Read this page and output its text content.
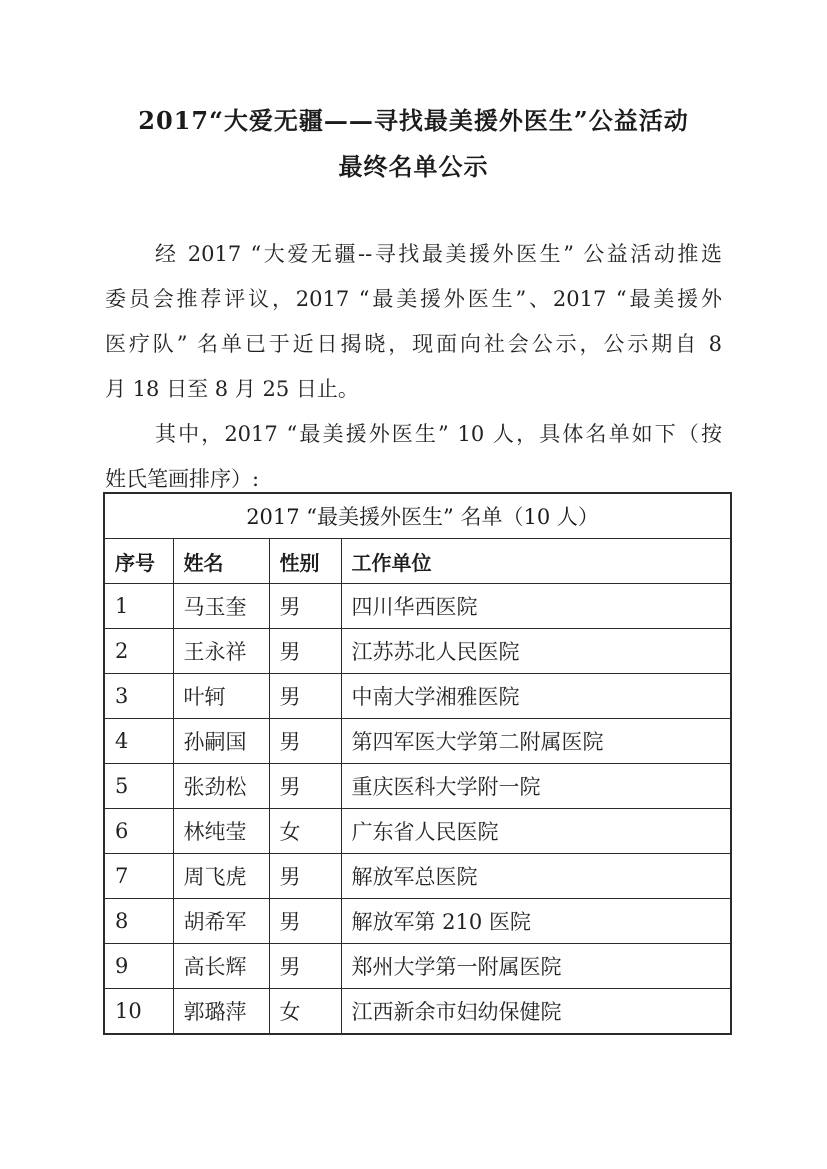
2017“大爱无疆——寻找最美援外医生”公益活动
最终名单公示

经 2017 “大爱无疆--寻找最美援外医生” 公益活动推选

委员会推荐评议，2017 “最美援外医生”、2017 “最美援外

医疗队” 名单已于近日揭晓，现面向社会公示，公示期自 8

月 18 日至 8 月 25 日止。

其中，2017 “最美援外医生” 10 人，具体名单如下（按

姓氏笔画排序）:

2017 “最美援外医生” 名单（10 人）			
序号	姓名	性别	工作单位
1	马玉奎	男	四川华西医院
2	王永祥	男	江苏苏北人民医院
3	叶轲	男	中南大学湘雅医院
4	孙嗣国	男	第四军医大学第二附属医院
5	张劲松	男	重庆医科大学附一院
6	林纯莹	女	广东省人民医院
7	周飞虎	男	解放军总医院
8	胡希军	男	解放军第 210 医院
9	高长辉	男	郑州大学第一附属医院
10	郭璐萍	女	江西新余市妇幼保健院
